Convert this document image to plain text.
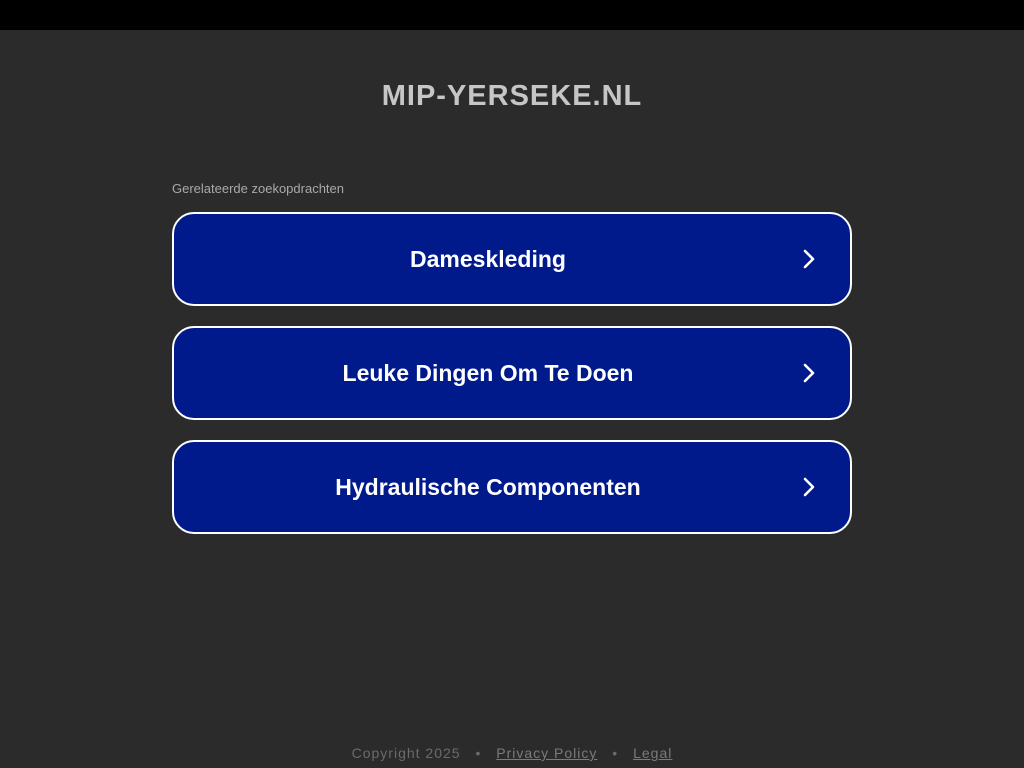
MIP-YERSEKE.NL
Gerelateerde zoekopdrachten
Dameskleding
Leuke Dingen Om Te Doen
Hydraulische Componenten
Copyright 2025 • Privacy Policy • Legal
